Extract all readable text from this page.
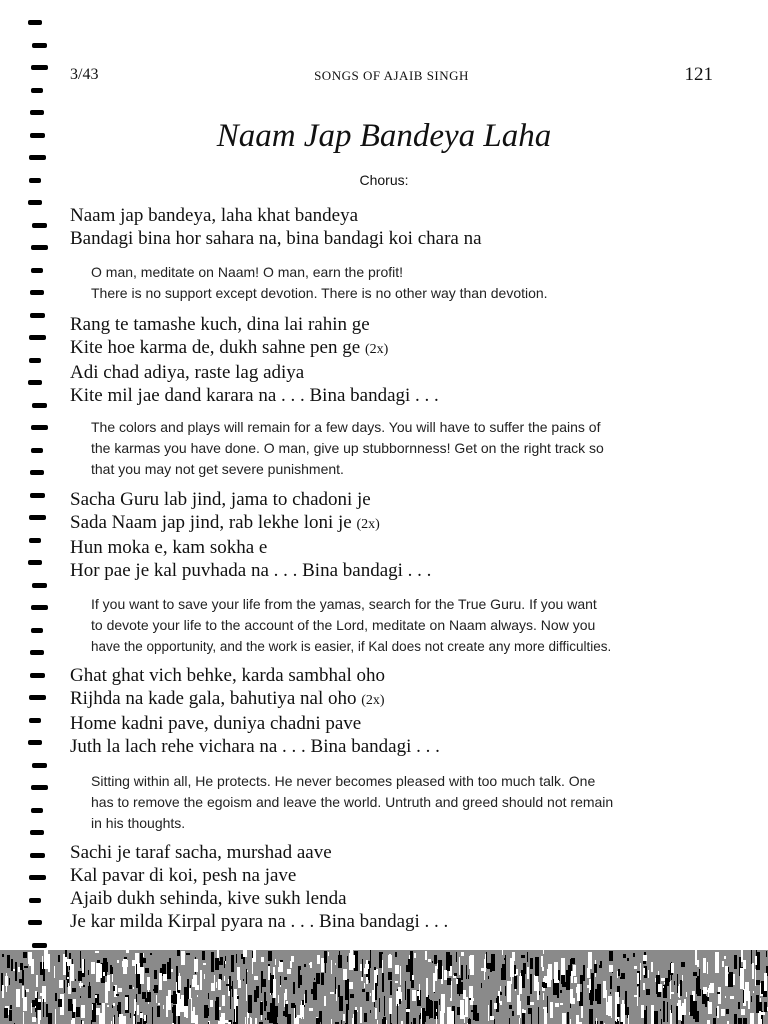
3/43	SONGS OF AJAIB SINGH	121
Naam Jap Bandeya Laha
Chorus:
Naam jap bandeya, laha khat bandeya
Bandagi bina hor sahara na, bina bandagi koi chara na
O man, meditate on Naam! O man, earn the profit!
There is no support except devotion. There is no other way than devotion.
Rang te tamashe kuch, dina lai rahin ge
Kite hoe karma de, dukh sahne pen ge (2x)
Adi chad adiya, raste lag adiya
Kite mil jae dand karara na . . . Bina bandagi . . .
The colors and plays will remain for a few days. You will have to suffer the pains of
the karmas you have done. O man, give up stubbornness! Get on the right track so
that you may not get severe punishment.
Sacha Guru lab jind, jama to chadoni je
Sada Naam jap jind, rab lekhe loni je (2x)
Hun moka e, kam sokha e
Hor pae je kal puvhada na . . . Bina bandagi . . .
If you want to save your life from the yamas, search for the True Guru. If you want
to devote your life to the account of the Lord, meditate on Naam always. Now you
have the opportunity, and the work is easier, if Kal does not create any more difficulties.
Ghat ghat vich behke, karda sambhal oho
Rijhda na kade gala, bahutiya nal oho (2x)
Home kadni pave, duniya chadni pave
Juth la lach rehe vichara na . . . Bina bandagi . . .
Sitting within all, He protects. He never becomes pleased with too much talk. One
has to remove the egoism and leave the world. Untruth and greed should not remain
in his thoughts.
Sachi je taraf sacha, murshad aave
Kal pavar di koi, pesh na jave
Ajaib dukh sehinda, kive sukh lenda
Je kar milda Kirpal pyara na . . . Bina bandagi . . .
